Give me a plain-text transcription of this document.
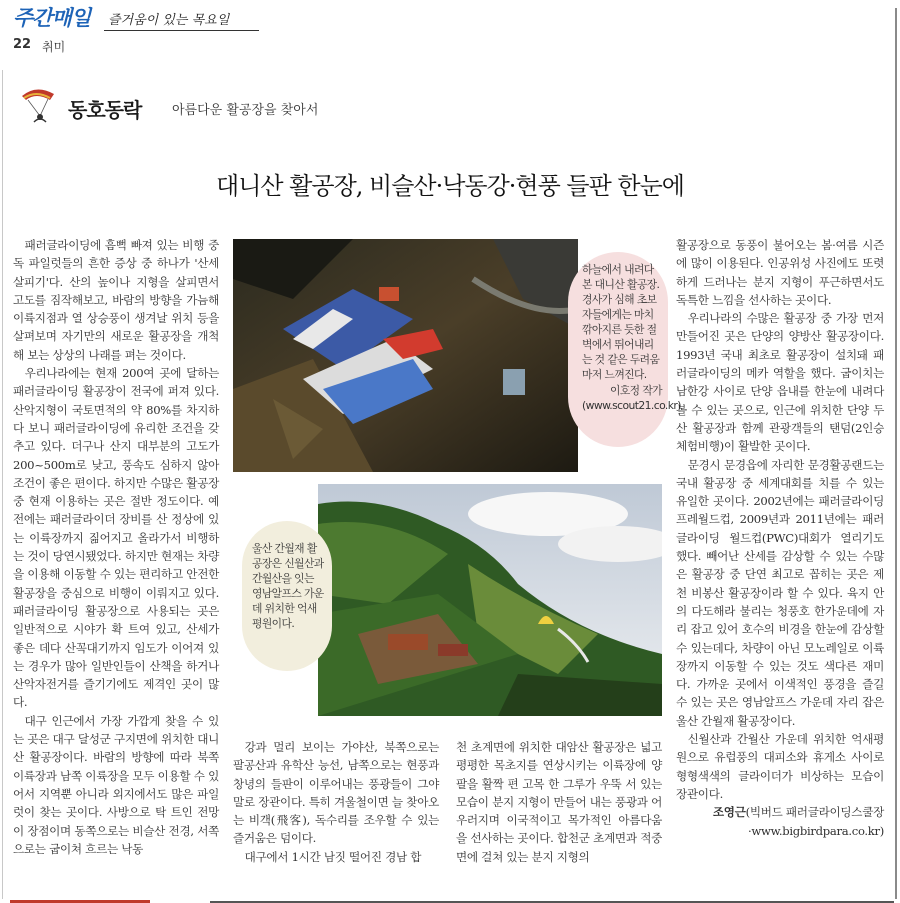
주간매일	즐거움이 있는 목요일
22 취미
동호동락 아름다운 활공장을 찾아서
대니산 활공장, 비슬산·낙동강·현풍 들판 한눈에

패러글라이딩에 흠뻑 빠져 있는 비행 중독 파일럿들의 흔한 증상 중 하나가 '산세 살피기'다. 산의 높이나 지형을 살피면서 고도를 짐작해보고, 바람의 방향을 가늠해 이륙지점과 열 상승풍이 생겨날 위치 등을 살펴보며 자기만의 새로운 활공장을 개척해 보는 상상의 나래를 펴는 것이다.

우리나라에는 현재 200여 곳에 달하는 패러글라이딩 활공장이 전국에 퍼져 있다. 산악지형이 국토면적의 약 80%를 차지하다 보니 패러글라이딩에 유리한 조건을 갖추고 있다. 더구나 산지 대부분의 고도가 200~500m로 낮고, 풍속도 심하지 않아 조건이 좋은 편이다. 하지만 수많은 활공장 중 현재 이용하는 곳은 절반 정도이다. 예전에는 패러글라이더 장비를 산 정상에 있는 이륙장까지 짊어지고 올라가서 비행하는 것이 당연시됐었다. 하지만 현재는 차량을 이용해 이동할 수 있는 편리하고 안전한 활공장을 중심으로 비행이 이뤄지고 있다. 패러글라이딩 활공장으로 사용되는 곳은 일반적으로 시야가 확 트여 있고, 산세가 좋은 데다 산꼭대기까지 임도가 이어져 있는 경우가 많아 일반인들이 산책을 하거나 산악자전거를 즐기기에도 제격인 곳이 많다.

대구 인근에서 가장 가깝게 찾을 수 있는 곳은 대구 달성군 구지면에 위치한 대니산 활공장이다. 바람의 방향에 따라 북쪽 이륙장과 남쪽 이륙장을 모두 이용할 수 있어서 지역뿐 아니라 외지에서도 많은 파일럿이 찾는 곳이다. 사방으로 탁 트인 전망이 장점이며 동쪽으로는 비슬산 전경, 서쪽으로는 굽이쳐 흐르는 낙동

하늘에서 내려다본 대니산 활공장. 경사가 심해 초보자들에게는 마치 깎아지른 듯한 절벽에서 뛰어내리는 것 같은 두려움마저 느껴진다.
이호정 작가(www.scout21.co.kr)
울산 간월재 활공장은 신월산과 간월산을 잇는 영남알프스 가운데 위치한 억새 평원이다.

강과 멀리 보이는 가야산, 북쪽으로는 팔공산과 유학산 능선, 남쪽으로는 현풍과 창녕의 들판이 이루어내는 풍광들이 그야말로 장관이다. 특히 겨울철이면 늘 찾아오는 비객(飛客), 독수리를 조우할 수 있는 즐거움은 덤이다.

대구에서 1시간 남짓 떨어진 경남 합

천 초계면에 위치한 대암산 활공장은 넓고 평평한 목초지를 연상시키는 이륙장에 양팔을 활짝 편 고목 한 그루가 우뚝 서 있는 모습이 분지 지형이 만들어 내는 풍광과 어우러지며 이국적이고 목가적인 아름다움을 선사하는 곳이다. 합천군 초계면과 적중면에 걸쳐 있는 분지 지형의

활공장으로 동풍이 불어오는 봄·여름 시즌에 많이 이용된다. 인공위성 사진에도 또렷하게 드러나는 분지 지형이 푸근하면서도 독특한 느낌을 선사하는 곳이다.

우리나라의 수많은 활공장 중 가장 먼저 만들어진 곳은 단양의 양방산 활공장이다. 1993년 국내 최초로 활공장이 설치돼 패러글라이딩의 메카 역할을 했다. 굽이치는 남한강 사이로 단양 읍내를 한눈에 내려다볼 수 있는 곳으로, 인근에 위치한 단양 두산 활공장과 함께 관광객들의 탠덤(2인승 체험비행)이 활발한 곳이다.

문경시 문경읍에 자리한 문경활공랜드는 국내 활공장 중 세계대회를 치를 수 있는 유일한 곳이다. 2002년에는 패러글라이딩 프레월드컵, 2009년과 2011년에는 패러글라이딩 월드컵(PWC)대회가 열리기도 했다. 빼어난 산세를 감상할 수 있는 수많은 활공장 중 단연 최고로 꼽히는 곳은 제천 비봉산 활공장이라 할 수 있다. 육지 안의 다도해라 불리는 청풍호 한가운데에 자리 잡고 있어 호수의 비경을 한눈에 감상할 수 있는데다, 차량이 아닌 모노레일로 이륙장까지 이동할 수 있는 것도 색다른 재미다. 가까운 곳에서 이색적인 풍경을 즐길 수 있는 곳은 영남알프스 가운데 자리 잡은 울산 간월재 활공장이다.

신월산과 간월산 가운데 위치한 억새평원으로 유럽풍의 대피소와 휴게소 사이로 형형색색의 글라이더가 비상하는 모습이 장관이다.

조영근(빅버드 패러글라이딩스쿨장
·www.bigbirdpara.co.kr)
